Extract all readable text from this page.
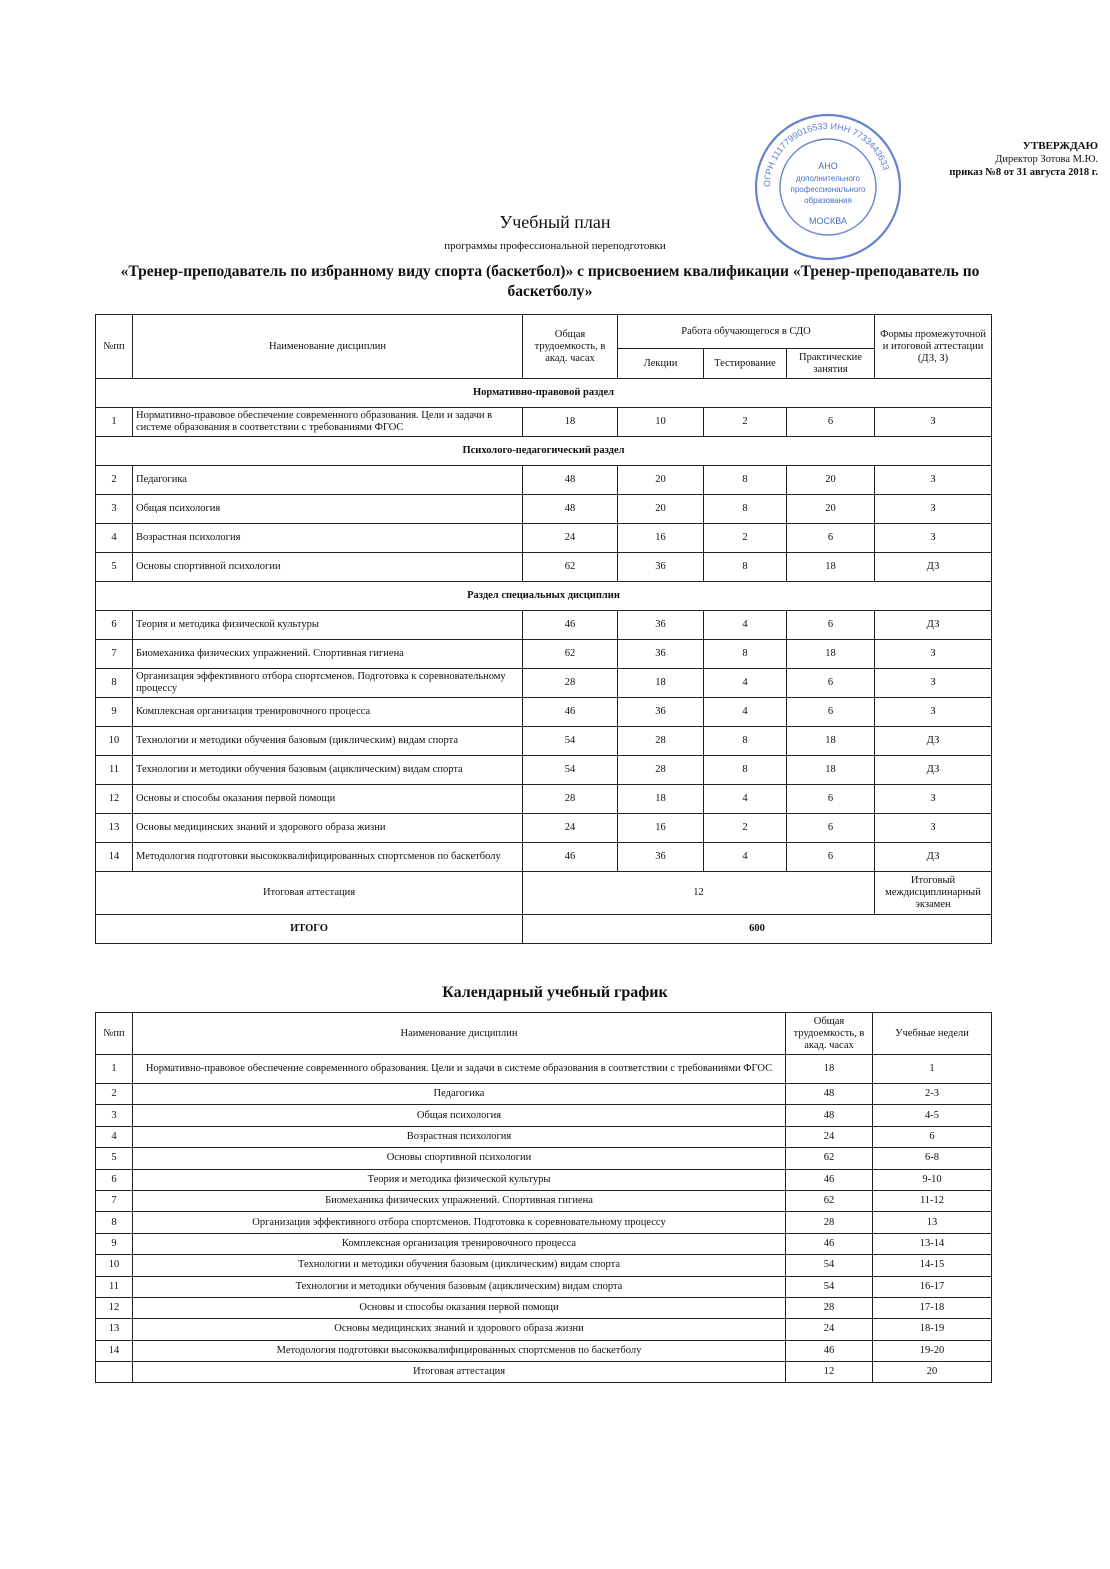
ОГРН 1117799016533 ИНН 7733443633
АНО
дополнительного
профессионального
образования
МОСКВА
УТВЕРЖДАЮ
Директор Зотова М.Ю.
приказ №8 от 31 августа 2018 г.
Учебный план
программы профессиональной переподготовки
«Тренер-преподаватель по избранному виду спорта (баскетбол)» с присвоением квалификации «Тренер-преподаватель по баскетболу»
№пп	Наименование дисциплин	Общая трудоемкость, в акад. часах	Работа обучающегося в СДО			Формы промежуточной и итоговой аттестации (ДЗ, З)
			Лекции	Тестирование	Практические занятия	
Нормативно-правовой раздел						
1	Нормативно-правовое обеспечение современного образования. Цели и задачи в системе образования в соответствии с требованиями ФГОС	18	10	2	6	З
Психолого-педагогический раздел						
2	Педагогика	48	20	8	20	З
3	Общая психология	48	20	8	20	З
4	Возрастная психология	24	16	2	6	З
5	Основы спортивной психологии	62	36	8	18	ДЗ
Раздел специальных дисциплин						
6	Теория и методика физической культуры	46	36	4	6	ДЗ
7	Биомеханика физических упражнений. Спортивная гигиена	62	36	8	18	З
8	Организация эффективного отбора спортсменов. Подготовка к соревновательному процессу	28	18	4	6	З
9	Комплексная организация тренировочного процесса	46	36	4	6	З
10	Технологии и методики обучения базовым (циклическим) видам спорта	54	28	8	18	ДЗ
11	Технологии и методики обучения базовым (ациклическим) видам спорта	54	28	8	18	ДЗ
12	Основы и способы оказания первой помощи	28	18	4	6	З
13	Основы медицинских знаний и здорового образа жизни	24	16	2	6	З
14	Методология подготовки высококвалифицированных спортсменов по баскетболу	46	36	4	6	ДЗ
Итоговая аттестация		12				Итоговый междисциплинарный экзамен
ИТОГО		600				
Календарный учебный график
№пп	Наименование дисциплин	Общая трудоемкость, в акад. часах	Учебные недели
1	Нормативно-правовое обеспечение современного образования. Цели и задачи в системе образования в соответствии с требованиями ФГОС	18	1
2	Педагогика	48	2-3
3	Общая психология	48	4-5
4	Возрастная психология	24	6
5	Основы спортивной психологии	62	6-8
6	Теория и методика физической культуры	46	9-10
7	Биомеханика физических упражнений. Спортивная гигиена	62	11-12
8	Организация эффективного отбора спортсменов. Подготовка к соревновательному процессу	28	13
9	Комплексная организация тренировочного процесса	46	13-14
10	Технологии и методики обучения базовым (циклическим) видам спорта	54	14-15
11	Технологии и методики обучения базовым (ациклическим) видам спорта	54	16-17
12	Основы и способы оказания первой помощи	28	17-18
13	Основы медицинских знаний и здорового образа жизни	24	18-19
14	Методология подготовки высококвалифицированных спортсменов по баскетболу	46	19-20
	Итоговая аттестация	12	20
